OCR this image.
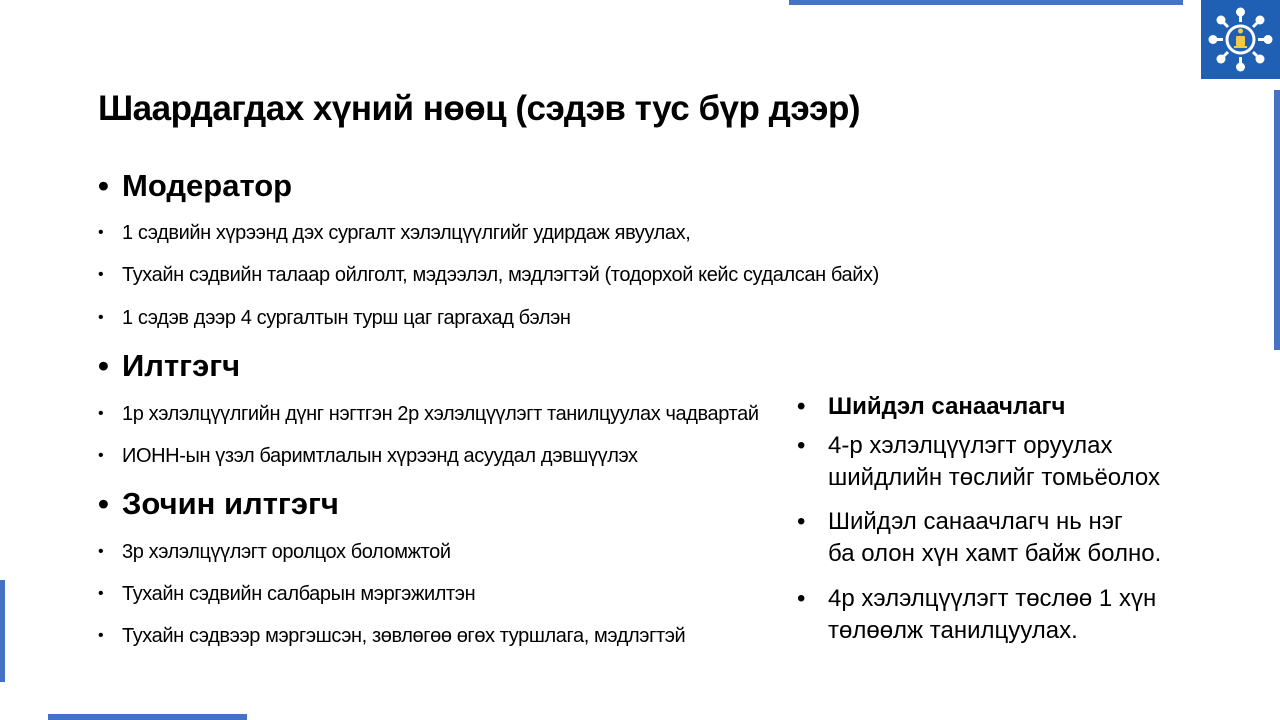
Шаардагдах хүний нөөц (сэдэв тус бүр дээр)
• Модератор
• 1 сэдвийн хүрээнд дэх сургалт хэлэлцүүлгийг удирдаж явуулах,
• Тухайн сэдвийн талаар ойлголт, мэдээлэл, мэдлэгтэй (тодорхой кейс судалсан байх)
• 1 сэдэв дээр 4 сургалтын турш цаг гаргахад бэлэн
• Илтгэгч
• 1р хэлэлцүүлгийн дүнг нэгтгэн 2р хэлэлцүүлэгт танилцуулах чадвартай
• ИОНН-ын үзэл баримтлалын хүрээнд асуудал дэвшүүлэх
• Зочин илтгэгч
• 3р хэлэлцүүлэгт оролцох боломжтой
• Тухайн сэдвийн салбарын мэргэжилтэн
• Тухайн сэдвээр мэргэшсэн, зөвлөгөө өгөх туршлага, мэдлэгтэй
• Шийдэл санаачлагч
• 4-р хэлэлцүүлэгт оруулах
шийдлийн төслийг томьёолох
• Шийдэл санаачлагч нь нэг
ба олон хүн хамт байж болно.
• 4р хэлэлцүүлэгт төслөө 1 хүн
төлөөлж танилцуулах.
